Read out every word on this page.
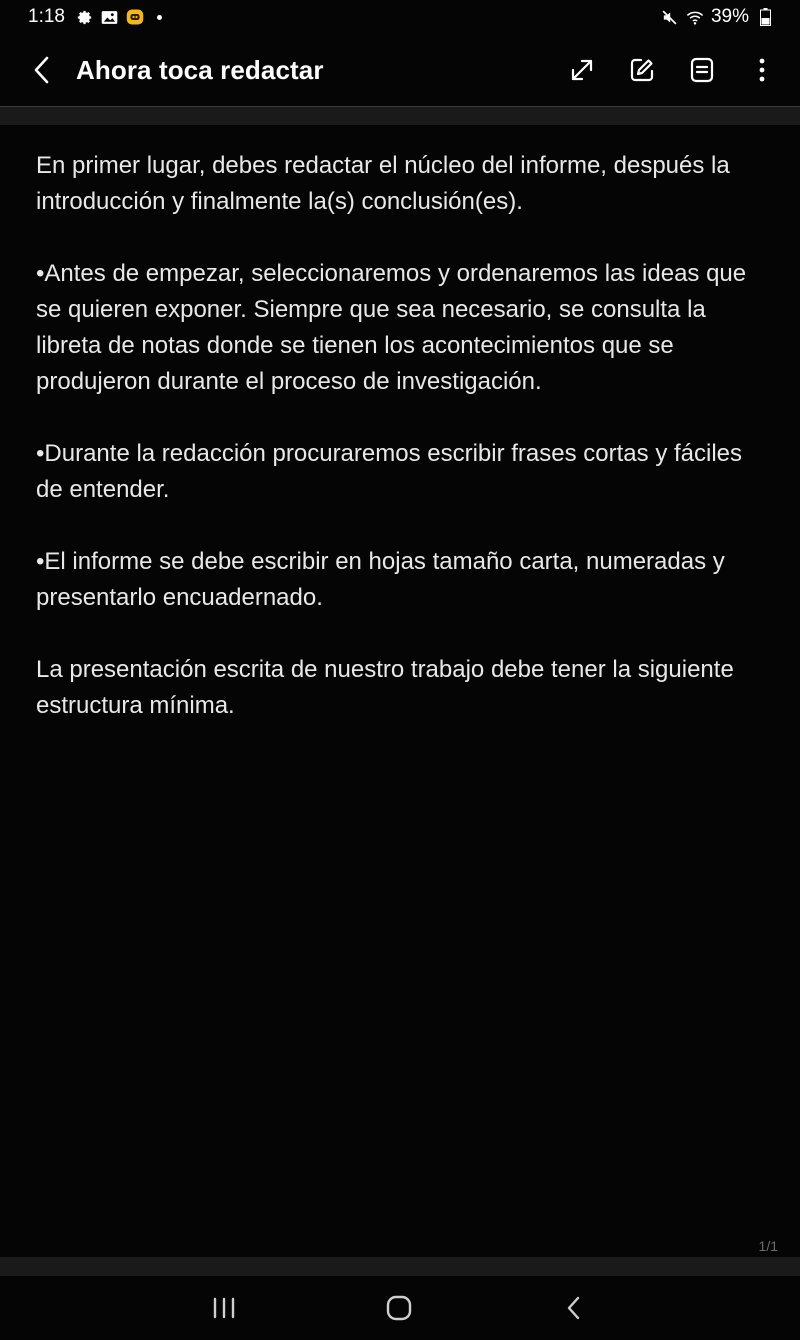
1:18	39%
Ahora toca redactar

En primer lugar, debes redactar el núcleo del informe, después la introducción y finalmente la(s) conclusión(es).

•Antes de empezar, seleccionaremos y ordenaremos las ideas que se quieren exponer. Siempre que sea necesario, se consulta la libreta de notas donde se tienen los acontecimientos que se produjeron durante el proceso de investigación.

•Durante la redacción procuraremos escribir frases cortas y fáciles de entender.

•El informe se debe escribir en hojas tamaño carta, numeradas y presentarlo encuadernado.

La presentación escrita de nuestro trabajo debe tener la siguiente estructura mínima.

1/1
